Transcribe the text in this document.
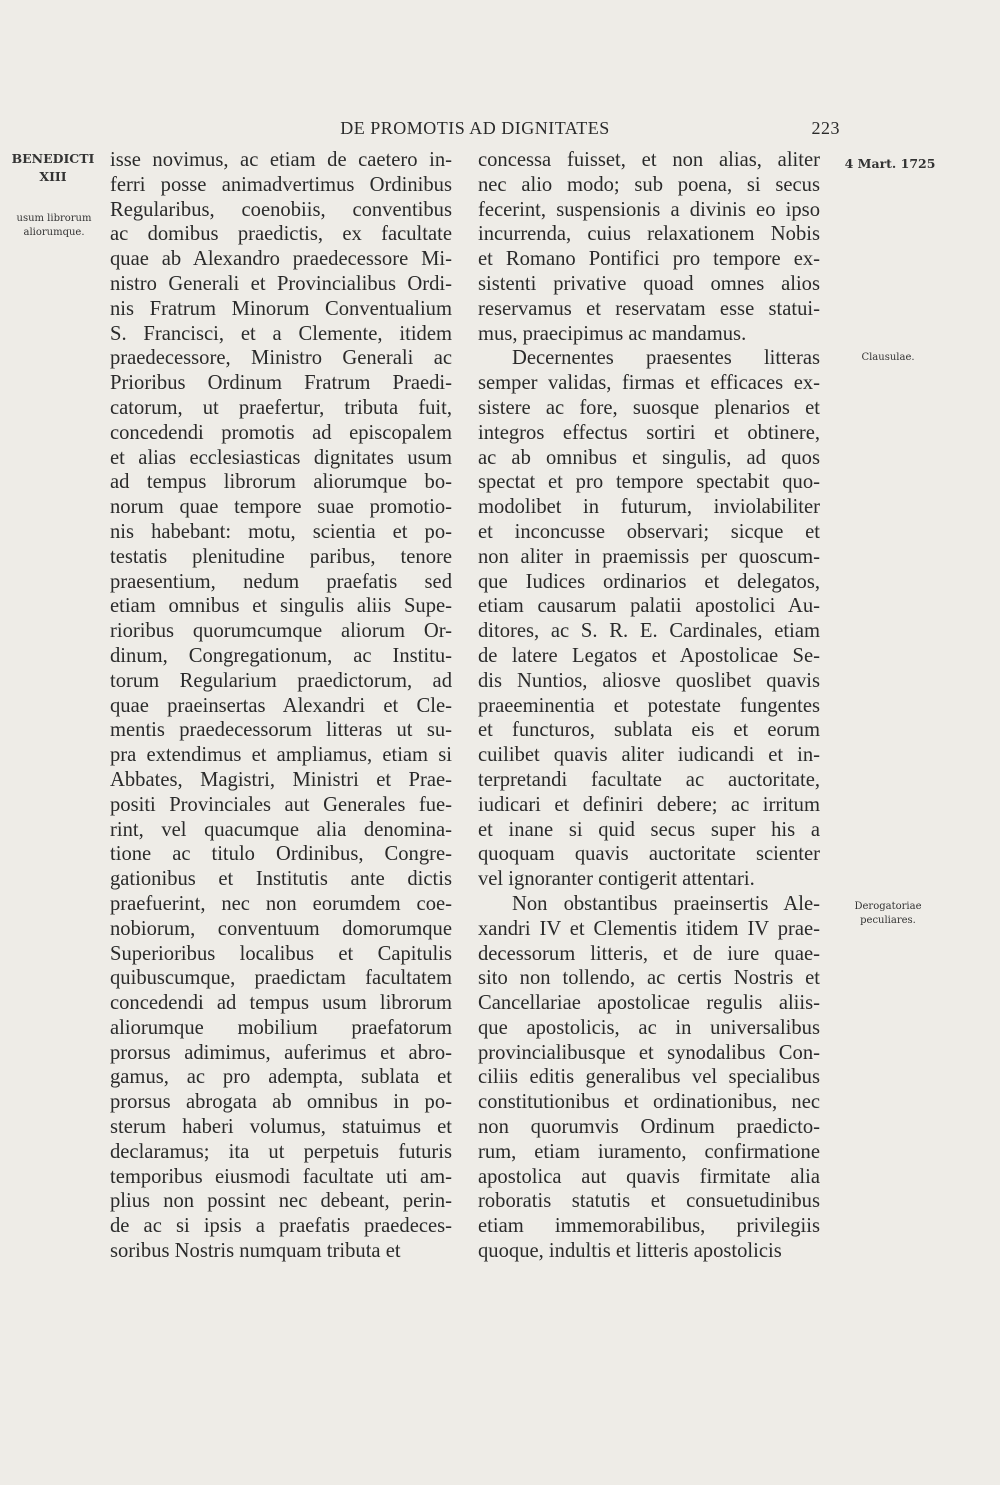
DE PROMOTIS AD DIGNITATES	223
BENEDICTI
XIII
usum librorum
aliorumque.
4 Mart. 1725
Clausulae.
Derogatoriae
peculiares.
isse novimus, ac etiam de caetero in-
ferri posse animadvertimus Ordinibus
Regularibus, coenobiis, conventibus
ac domibus praedictis, ex facultate
quae ab Alexandro praedecessore Mi-
nistro Generali et Provincialibus Ordi-
nis Fratrum Minorum Conventualium
S. Francisci, et a Clemente, itidem
praedecessore, Ministro Generali ac
Prioribus Ordinum Fratrum Praedi-
catorum, ut praefertur, tributa fuit,
concedendi promotis ad episcopalem
et alias ecclesiasticas dignitates usum
ad tempus librorum aliorumque bo-
norum quae tempore suae promotio-
nis habebant: motu, scientia et po-
testatis plenitudine paribus, tenore
praesentium, nedum praefatis sed
etiam omnibus et singulis aliis Supe-
rioribus quorumcumque aliorum Or-
dinum, Congregationum, ac Institu-
torum Regularium praedictorum, ad
quae praeinsertas Alexandri et Cle-
mentis praedecessorum litteras ut su-
pra extendimus et ampliamus, etiam si
Abbates, Magistri, Ministri et Prae-
positi Provinciales aut Generales fue-
rint, vel quacumque alia denomina-
tione ac titulo Ordinibus, Congre-
gationibus et Institutis ante dictis
praefuerint, nec non eorumdem coe-
nobiorum, conventuum domorumque
Superioribus localibus et Capitulis
quibuscumque, praedictam facultatem
concedendi ad tempus usum librorum
aliorumque mobilium praefatorum
prorsus adimimus, auferimus et abro-
gamus, ac pro adempta, sublata et
prorsus abrogata ab omnibus in po-
sterum haberi volumus, statuimus et
declaramus; ita ut perpetuis futuris
temporibus eiusmodi facultate uti am-
plius non possint nec debeant, perin-
de ac si ipsis a praefatis praedeces-
soribus Nostris numquam tributa et
concessa fuisset, et non alias, aliter
nec alio modo; sub poena, si secus
fecerint, suspensionis a divinis eo ipso
incurrenda, cuius relaxationem Nobis
et Romano Pontifici pro tempore ex-
sistenti privative quoad omnes alios
reservamus et reservatam esse statui-
mus, praecipimus ac mandamus.
Decernentes praesentes litteras
semper validas, firmas et efficaces ex-
sistere ac fore, suosque plenarios et
integros effectus sortiri et obtinere,
ac ab omnibus et singulis, ad quos
spectat et pro tempore spectabit quo-
modolibet in futurum, inviolabiliter
et inconcusse observari; sicque et
non aliter in praemissis per quoscum-
que Iudices ordinarios et delegatos,
etiam causarum palatii apostolici Au-
ditores, ac S. R. E. Cardinales, etiam
de latere Legatos et Apostolicae Se-
dis Nuntios, aliosve quoslibet quavis
praeeminentia et potestate fungentes
et functuros, sublata eis et eorum
cuilibet quavis aliter iudicandi et in-
terpretandi facultate ac auctoritate,
iudicari et definiri debere; ac irritum
et inane si quid secus super his a
quoquam quavis auctoritate scienter
vel ignoranter contigerit attentari.
Non obstantibus praeinsertis Ale-
xandri IV et Clementis itidem IV prae-
decessorum litteris, et de iure quae-
sito non tollendo, ac certis Nostris et
Cancellariae apostolicae regulis aliis-
que apostolicis, ac in universalibus
provincialibusque et synodalibus Con-
ciliis editis generalibus vel specialibus
constitutionibus et ordinationibus, nec
non quorumvis Ordinum praedicto-
rum, etiam iuramento, confirmatione
apostolica aut quavis firmitate alia
roboratis statutis et consuetudinibus
etiam immemorabilibus, privilegiis
quoque, indultis et litteris apostolicis
